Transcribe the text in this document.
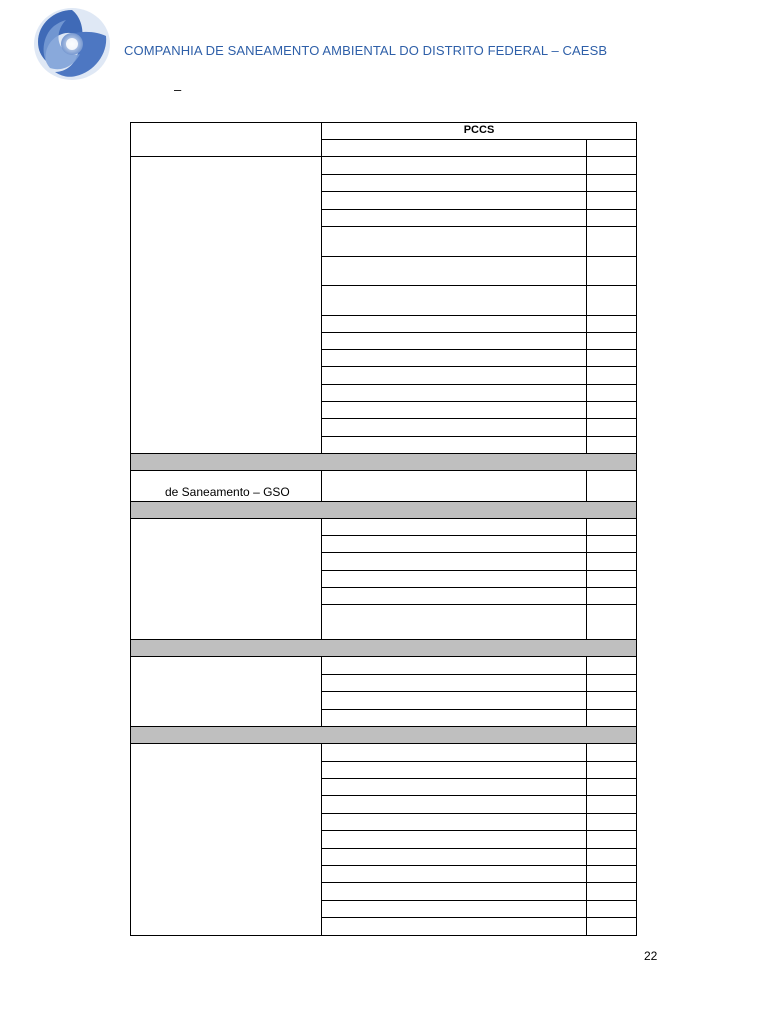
COMPANHIA DE SANEAMENTO AMBIENTAL DO DISTRITO FEDERAL – CAESB
–
PCCS
de Saneamento – GSO
22
